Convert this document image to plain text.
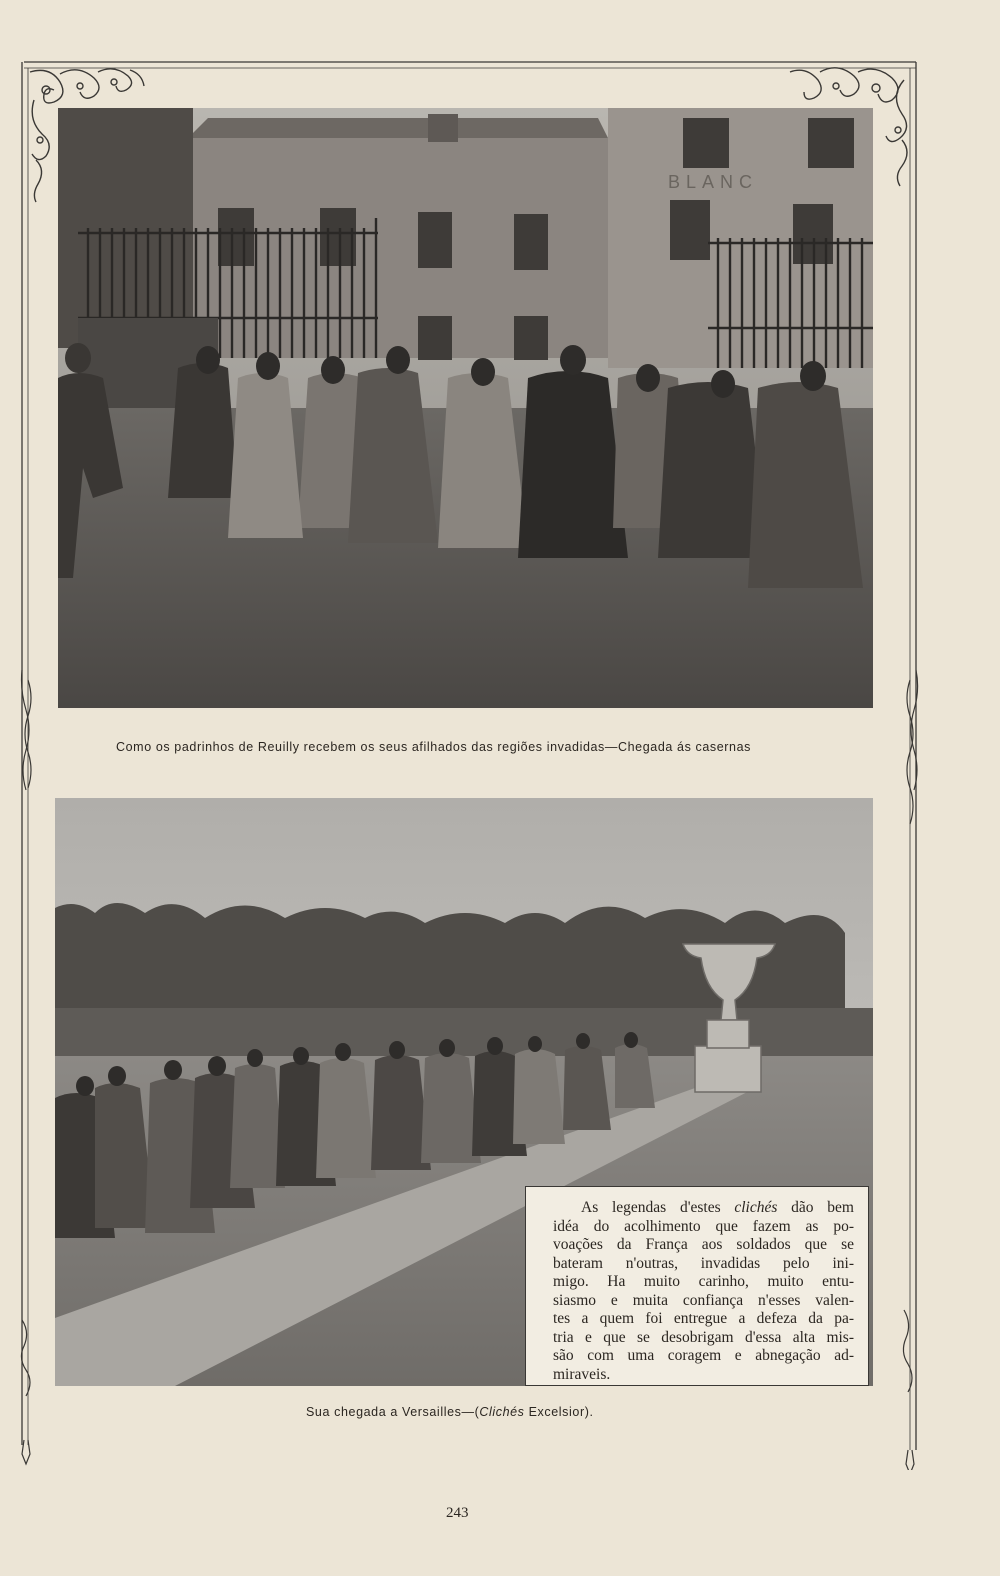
BLANC
Como os padrinhos de Reuilly recebem os seus afilhados das regiões invadidas—Chegada ás casernas
As legendas d'estes clichés dão bem
idéa do acolhimento que fazem as po-
voações da França aos soldados que se
bateram n'outras, invadidas pelo ini-
migo. Ha muito carinho, muito entu-
siasmo e muita confiança n'esses valen-
tes a quem foi entregue a defeza da pa-
tria e que se desobrigam d'essa alta mis-
são com uma coragem e abnegação ad-
miraveis.
Sua chegada a Versailles—(Clichés Excelsior).
243
